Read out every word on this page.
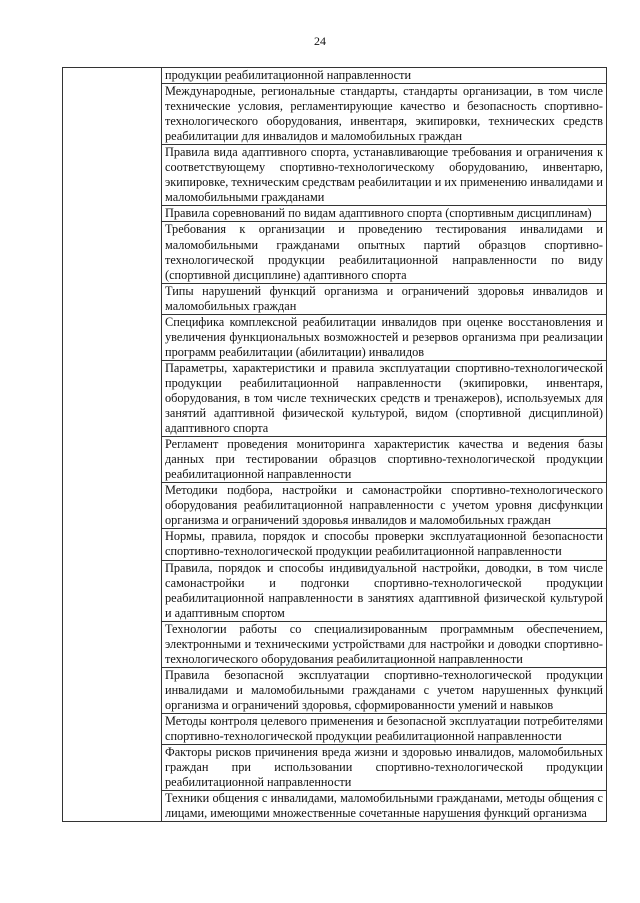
24
	продукции реабилитационной направленности
	Международные, региональные стандарты, стандарты организации, в том числе технические условия, регламентирующие качество и безопасность спортивно-технологического оборудования, инвентаря, экипировки, технических средств реабилитации для инвалидов и маломобильных граждан
	Правила вида адаптивного спорта, устанавливающие требования и ограничения к соответствующему спортивно-технологическому оборудованию, инвентарю, экипировке, техническим средствам реабилитации и их применению инвалидами и маломобильными гражданами
	Правила соревнований по видам адаптивного спорта (спортивным дисциплинам)
	Требования к организации и проведению тестирования инвалидами и маломобильными гражданами опытных партий образцов спортивно-технологической продукции реабилитационной направленности по виду (спортивной дисциплине) адаптивного спорта
	Типы нарушений функций организма и ограничений здоровья инвалидов и маломобильных граждан
	Специфика комплексной реабилитации инвалидов при оценке восстановления и увеличения функциональных возможностей и резервов организма при реализации программ реабилитации (абилитации) инвалидов
	Параметры, характеристики и правила эксплуатации спортивно-технологической продукции реабилитационной направленности (экипировки, инвентаря, оборудования, в том числе технических средств и тренажеров), используемых для занятий адаптивной физической культурой, видом (спортивной дисциплиной) адаптивного спорта
	Регламент проведения мониторинга характеристик качества и ведения базы данных при тестировании образцов спортивно-технологической продукции реабилитационной направленности
	Методики подбора, настройки и самонастройки спортивно-технологического оборудования реабилитационной направленности с учетом уровня дисфункции организма и ограничений здоровья инвалидов и маломобильных граждан
	Нормы, правила, порядок и способы проверки эксплуатационной безопасности спортивно-технологической продукции реабилитационной направленности
	Правила, порядок и способы индивидуальной настройки, доводки, в том числе самонастройки и подгонки спортивно-технологической продукции реабилитационной направленности в занятиях адаптивной физической культурой и адаптивным спортом
	Технологии работы со специализированным программным обеспечением, электронными и техническими устройствами для настройки и доводки спортивно-технологического оборудования реабилитационной направленности
	Правила безопасной эксплуатации спортивно-технологической продукции инвалидами и маломобильными гражданами с учетом нарушенных функций организма и ограничений здоровья, сформированности умений и навыков
	Методы контроля целевого применения и безопасной эксплуатации потребителями спортивно-технологической продукции реабилитационной направленности
	Факторы рисков причинения вреда жизни и здоровью инвалидов, маломобильных граждан при использовании спортивно-технологической продукции реабилитационной направленности
	Техники общения с инвалидами, маломобильными гражданами, методы общения с лицами, имеющими множественные сочетанные нарушения функций организма
